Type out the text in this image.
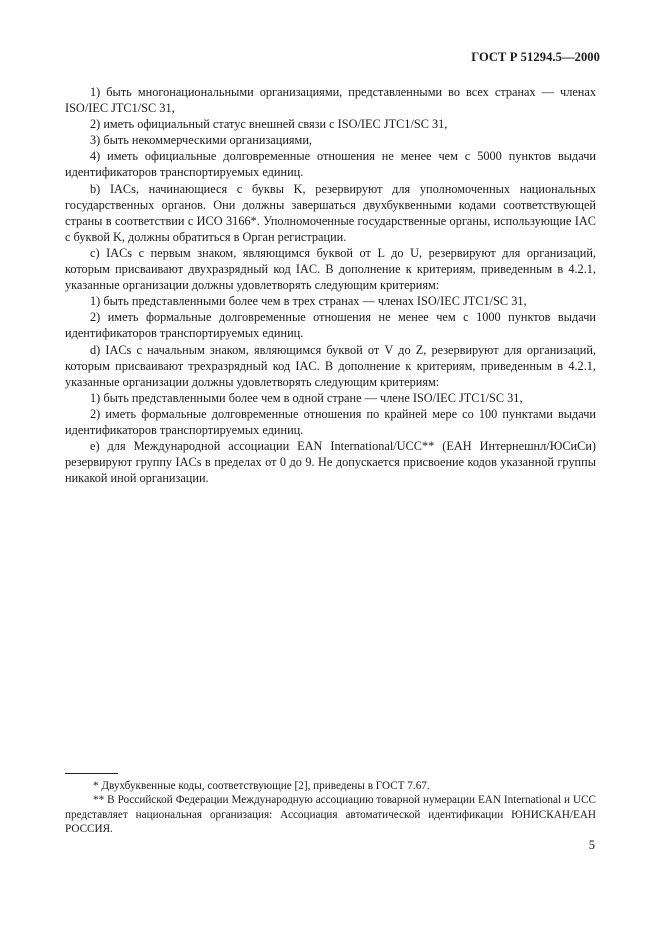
ГОСТ Р 51294.5—2000

1) быть многонациональными организациями, представленными во всех странах — членах ISO/IEC JTC1/SC 31,

2) иметь официальный статус внешней связи с ISO/IEC JTC1/SC 31,

3) быть некоммерческими организациями,

4) иметь официальные долговременные отношения не менее чем с 5000 пунктов выдачи идентификаторов транспортируемых единиц.

b) IACs, начинающиеся с буквы K, резервируют для уполномоченных национальных государственных органов. Они должны завершаться двухбуквенными кодами соответствующей страны в соответствии с ИСО 3166*. Уполномоченные государственные органы, использующие IAC с буквой K, должны обратиться в Орган регистрации.

c) IACs с первым знаком, являющимся буквой от L до U, резервируют для организаций, которым присваивают двухразрядный код IAC. В дополнение к критериям, приведенным в 4.2.1, указанные организации должны удовлетворять следующим критериям:

1) быть представленными более чем в трех странах — членах ISO/IEC JTC1/SC 31,

2) иметь формальные долговременные отношения не менее чем с 1000 пунктов выдачи идентификаторов транспортируемых единиц.

d) IACs с начальным знаком, являющимся буквой от V до Z, резервируют для организаций, которым присваивают трехразрядный код IAC. В дополнение к критериям, приведенным в 4.2.1, указанные организации должны удовлетворять следующим критериям:

1) быть представленными более чем в одной стране — члене ISO/IEC JTC1/SC 31,

2) иметь формальные долговременные отношения по крайней мере со 100 пунктами выдачи идентификаторов транспортируемых единиц.

e) для Международной ассоциации EAN International/UCC** (ЕАН Интернешнл/ЮСиСи) резервируют группу IACs в пределах от 0 до 9. Не допускается присвоение кодов указанной группы никакой иной организации.

* Двухбуквенные коды, соответствующие [2], приведены в ГОСТ 7.67.

** В Российской Федерации Международную ассоциацию товарной нумерации EAN International и UCC представляет национальная организация: Ассоциация автоматической идентификации ЮНИСКАН/ЕАН РОССИЯ.

5
